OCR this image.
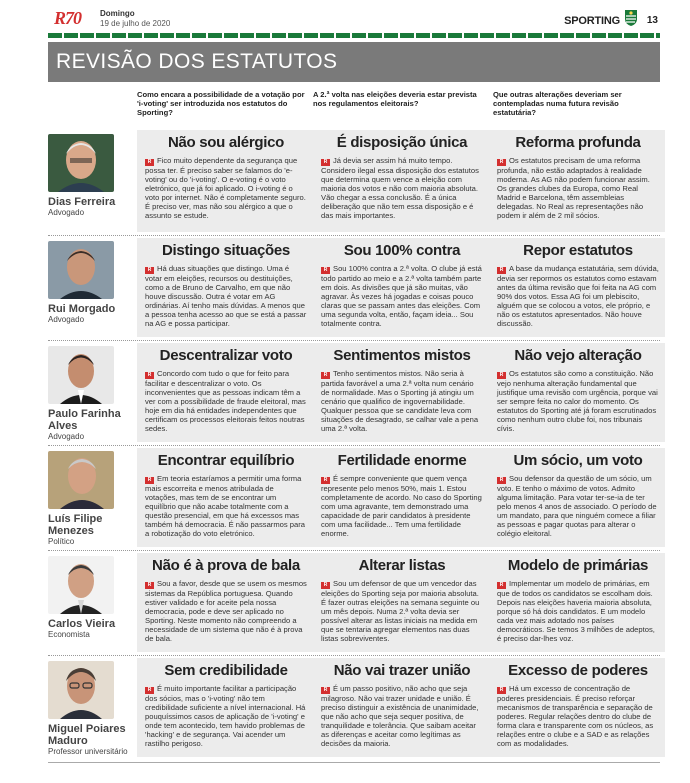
R70 Domingo
19 de julho de 2020	SPORTING	13
REVISÃO DOS ESTATUTOS
Como encara a possibilidade de a votação por 'i-voting' ser introduzida nos estatutos do Sporting?
A 2.ª volta nas eleições deveria estar prevista nos regulamentos eleitorais?
Que outras alterações deveriam ser contempladas numa futura revisão estatutária?
Dias Ferreira
Advogado
Não sou alérgico
R Fico muito dependente da segurança que possa ter. É preciso saber se falamos do 'e-voting' ou do 'i-voting'. O e-voting é o voto eletrónico, que já foi aplicado. O i-voting é o voto por internet. Não é completamente seguro. É preciso ver, mas não sou alérgico a que o assunto se estude.
É disposição única
R Já devia ser assim há muito tempo. Considero ilegal essa disposição dos estatutos que determina quem vence a eleição com maioria dos votos e não com maioria absoluta. Vão chegar a essa conclusão. É a única deliberação que não tem essa disposição e é das mais importantes.
Reforma profunda
R Os estatutos precisam de uma reforma profunda, não estão adaptados à realidade moderna. As AG não podem funcionar assim. Os grandes clubes da Europa, como Real Madrid e Barcelona, têm assembleias delegadas. No Real as representações não podem ir além de 2 mil sócios.
Rui Morgado
Advogado
Distingo situações
R Há duas situações que distingo. Uma é votar em eleições, recursos ou destituições, como a de Bruno de Carvalho, em que não houve discussão. Outra é votar em AG ordinárias. Aí tenho mais dúvidas. A menos que a pessoa tenha acesso ao que se está a passar na AG e possa participar.
Sou 100% contra
R Sou 100% contra a 2.ª volta. O clube já está todo partido ao meio e a 2.ª volta também parte em dois. As divisões que já são muitas, vão agravar. Às vezes há jogadas e coisas pouco claras que se passam antes das eleições. Com uma segunda volta, então, façam ideia... Sou totalmente contra.
Repor estatutos
R A base da mudança estatutária, sem dúvida, devia ser repormos os estatutos como estavam antes da última revisão que foi feita na AG com 90% dos votos. Essa AG foi um plebiscito, alguém que se colocou a votos, ele próprio, e não os estatutos apresentados. Não houve discussão.
Paulo Farinha Alves
Advogado
Descentralizar voto
R Concordo com tudo o que for feito para facilitar e descentralizar o voto. Os inconvenientes que as pessoas indicam têm a ver com a possibilidade de fraude eleitoral, mas hoje em dia há entidades independentes que certificam os processos eleitorais feitos noutras sedes.
Sentimentos mistos
R Tenho sentimentos mistos. Não seria à partida favorável a uma 2.ª volta num cenário de normalidade. Mas o Sporting já atingiu um cenário que qualifico de ingovernabilidade. Qualquer pessoa que se candidate leva com situações de desagrado, se calhar vale a pena uma 2.ª volta.
Não vejo alteração
R Os estatutos são como a constituição. Não vejo nenhuma alteração fundamental que justifique uma revisão com urgência, porque vai ser sempre feita no calor do momento. Os estatutos do Sporting até já foram escrutinados como nenhum outro clube foi, nos tribunais cívis.
Luís Filipe Menezes
Político
Encontrar equilíbrio
R Em teoria estaríamos a permitir uma forma mais escorreita e menos atribulada de votações, mas tem de se encontrar um equilíbrio que não acabe totalmente com a questão presencial, em que há excessos mas também há democracia. É não passarmos para a robotização do voto eletrónico.
Fertilidade enorme
R É sempre conveniente que quem vença represente pelo menos 50%, mais 1. Estou completamente de acordo. No caso do Sporting com uma agravante, tem demonstrado uma capacidade de parir candidatos à presidente com uma facilidade... Tem uma fertilidade enorme.
Um sócio, um voto
R Sou defensor da questão de um sócio, um voto. E tenho o máximo de votos. Admito alguma limitação. Para votar ter-se-ia de ter pelo menos 4 anos de associado. O período de um mandato, para que ninguém comece a filiar as pessoas e pagar quotas para alterar o colégio eleitoral.
Carlos Vieira
Economista
Não é à prova de bala
R Sou a favor, desde que se usem os mesmos sistemas da República portuguesa. Quando estiver validado e for aceite pela nossa democracia, pode e deve ser aplicado no Sporting. Neste momento não compreendo a necessidade de um sistema que não é à prova de bala.
Alterar listas
R Sou um defensor de que um vencedor das eleições do Sporting seja por maioria absoluta. É fazer outras eleições na semana seguinte ou um mês depois. Numa 2.ª volta devia ser possível alterar as listas iniciais na medida em que se tentaria agregar elementos nas duas listas sobreviventes.
Modelo de primárias
R Implementar um modelo de primárias, em que de todos os candidatos se escolham dois. Depois nas eleições haveria maioria absoluta, porque só há dois candidatos. E um modelo cada vez mais adotado nos países democráticos. Se temos 3 milhões de adeptos, é preciso dar-lhes voz.
Miguel Poiares Maduro
Professor universitário
Sem credibilidade
R É muito importante facilitar a participação dos sócios, mas o 'i-voting' não tem credibilidade suficiente a nível internacional. Há pouquíssimos casos de aplicação de 'i-voting' e onde tem acontecido, tem havido problemas de 'hacking' e de segurança. Vai acender um rastilho perigoso.
Não vai trazer união
R É um passo positivo, não acho que seja milagroso. Não vai trazer unidade e união. É preciso distinguir a existência de unanimidade, que não acho que seja sequer positiva, de tranquilidade e tolerância. Que saibam aceitar as diferenças e aceitar como legítimas as decisões da maioria.
Excesso de poderes
R Há um excesso de concentração de poderes presidenciais. É preciso reforçar mecanismos de transparência e separação de poderes. Regular relações dentro do clube de forma clara e transparente com os núcleos, as relações entre o clube e a SAD e as relações com as modalidades.
